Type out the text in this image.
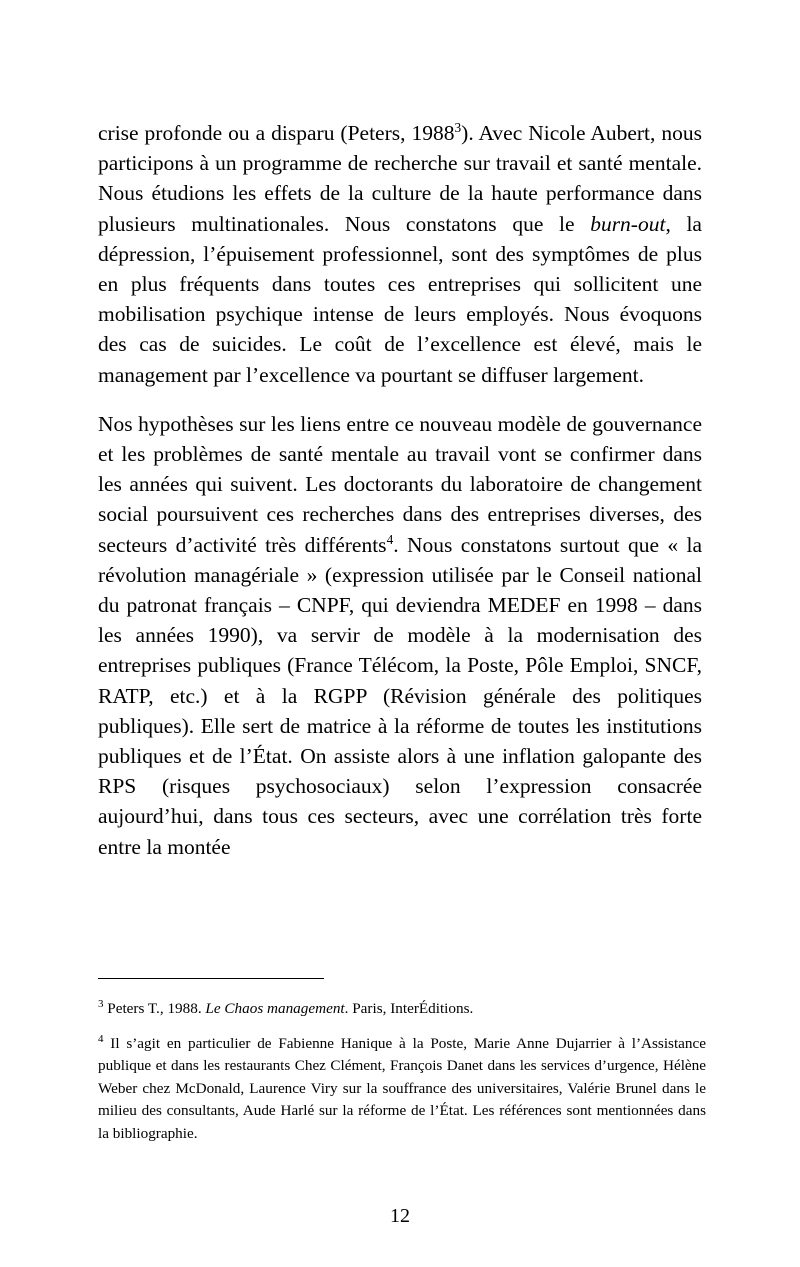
crise profonde ou a disparu (Peters, 1988$^3$). Avec Nicole Aubert, nous participons à un programme de recherche sur travail et santé mentale. Nous étudions les effets de la culture de la haute performance dans plusieurs multinationales. Nous constatons que le burn-out, la dépression, l’épuisement professionnel, sont des symptômes de plus en plus fréquents dans toutes ces entreprises qui sollicitent une mobilisation psychique intense de leurs employés. Nous évoquons des cas de suicides. Le coût de l’excellence est élevé, mais le management par l’excellence va pourtant se diffuser largement.

Nos hypothèses sur les liens entre ce nouveau modèle de gouvernance et les problèmes de santé mentale au travail vont se confirmer dans les années qui suivent. Les doctorants du laboratoire de changement social poursuivent ces recherches dans des entreprises diverses, des secteurs d’activité très différents$^4$. Nous constatons surtout que « la révolution managériale » (expression utilisée par le Conseil national du patronat français – CNPF, qui deviendra MEDEF en 1998 – dans les années 1990), va servir de modèle à la modernisation des entreprises publiques (France Télécom, la Poste, Pôle Emploi, SNCF, RATP, etc.) et à la RGPP (Révision générale des politiques publiques). Elle sert de matrice à la réforme de toutes les institutions publiques et de l’État. On assiste alors à une inflation galopante des RPS (risques psychosociaux) selon l’expression consacrée aujourd’hui, dans tous ces secteurs, avec une corrélation très forte entre la montée

$^3$ Peters T., 1988. Le Chaos management. Paris, InterÉditions.

$^4$ Il s’agit en particulier de Fabienne Hanique à la Poste, Marie Anne Dujarrier à l’Assistance publique et dans les restaurants Chez Clément, François Danet dans les services d’urgence, Hélène Weber chez McDonald, Laurence Viry sur la souffrance des universitaires, Valérie Brunel dans le milieu des consultants, Aude Harlé sur la réforme de l’État. Les références sont mentionnées dans la bibliographie.

12
